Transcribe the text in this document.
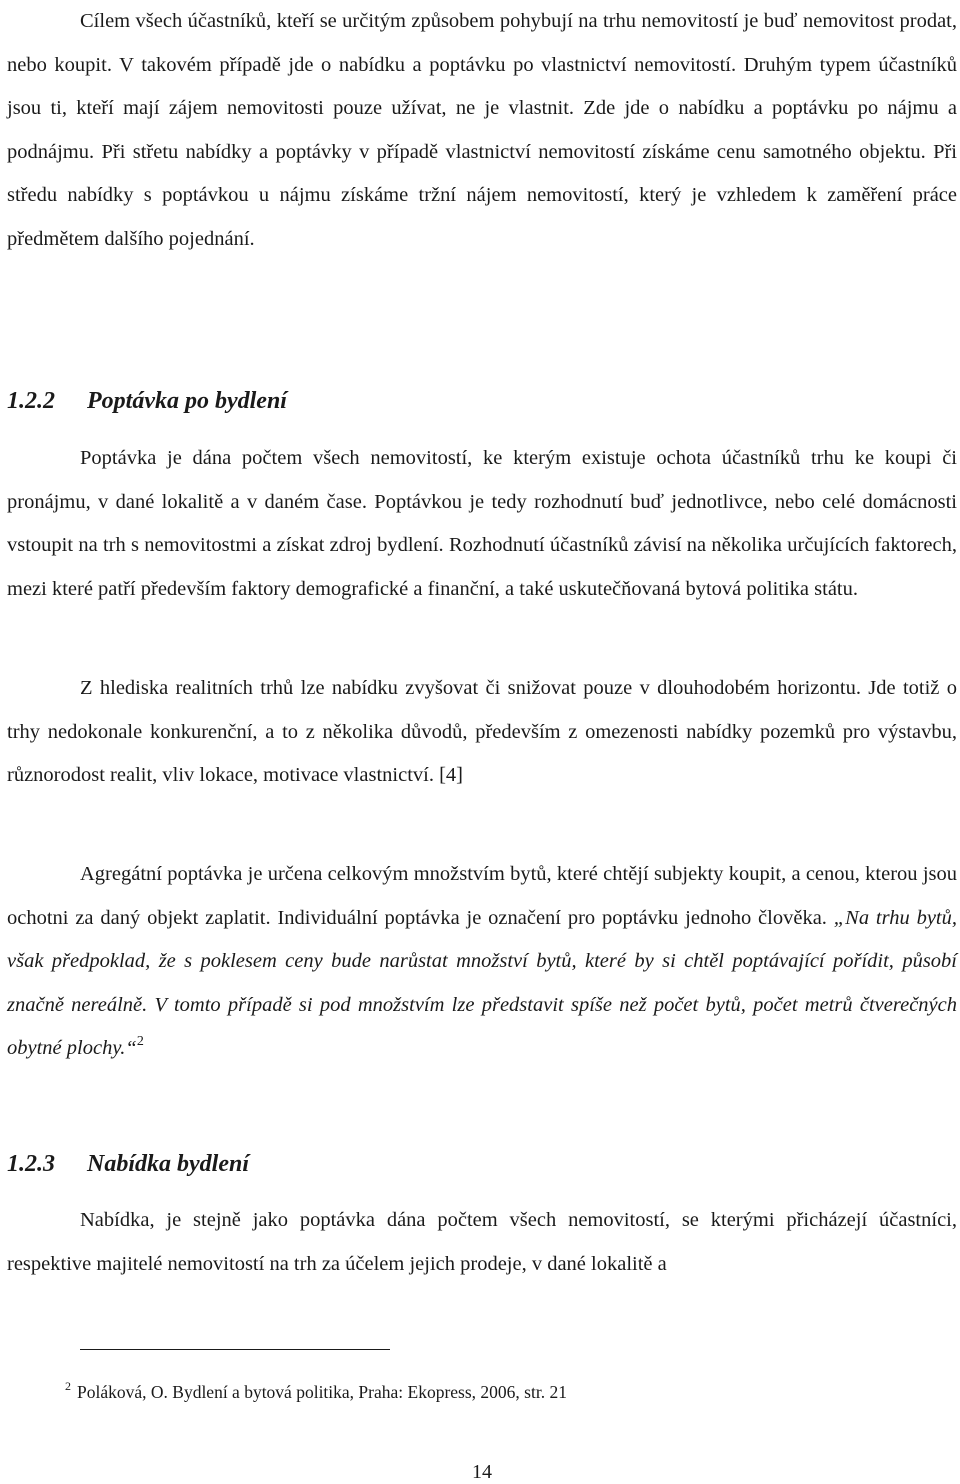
Cílem všech účastníků, kteří se určitým způsobem pohybují na trhu nemovitostí je buď nemovitost prodat, nebo koupit. V takovém případě jde o nabídku a poptávku po vlastnictví nemovitostí. Druhým typem účastníků jsou ti, kteří mají zájem nemovitosti pouze užívat, ne je vlastnit. Zde jde o nabídku a poptávku po nájmu a podnájmu. Při střetu nabídky a poptávky v případě vlastnictví nemovitostí získáme cenu samotného objektu. Při středu nabídky s poptávkou u nájmu získáme tržní nájem nemovitostí, který je vzhledem k zaměření práce předmětem dalšího pojednání.

1.2.2 Poptávka po bydlení

Poptávka je dána počtem všech nemovitostí, ke kterým existuje ochota účastníků trhu ke koupi či pronájmu, v dané lokalitě a v daném čase. Poptávkou je tedy rozhodnutí buď jednotlivce, nebo celé domácnosti vstoupit na trh s nemovitostmi a získat zdroj bydlení. Rozhodnutí účastníků závisí na několika určujících faktorech, mezi které patří především faktory demografické a finanční, a také uskutečňovaná bytová politika státu.

Z hlediska realitních trhů lze nabídku zvyšovat či snižovat pouze v dlouhodobém horizontu. Jde totiž o trhy nedokonale konkurenční, a to z několika důvodů, především z omezenosti nabídky pozemků pro výstavbu, různorodost realit, vliv lokace, motivace vlastnictví. [4]

Agregátní poptávka je určena celkovým množstvím bytů, které chtějí subjekty koupit, a cenou, kterou jsou ochotni za daný objekt zaplatit. Individuální poptávka je označení pro poptávku jednoho člověka. „Na trhu bytů, však předpoklad, že s poklesem ceny bude narůstat množství bytů, které by si chtěl poptávající pořídit, působí značně nereálně. V tomto případě si pod množstvím lze představit spíše než počet bytů, počet metrů čtverečných obytné plochy.“$^2$

1.2.3 Nabídka bydlení

Nabídka, je stejně jako poptávka dána počtem všech nemovitostí, se kterými přicházejí účastníci, respektive majitelé nemovitostí na trh za účelem jejich prodeje, v dané lokalitě a

$^2$ Poláková, O. Bydlení a bytová politika, Praha: Ekopress, 2006, str. 21
14
